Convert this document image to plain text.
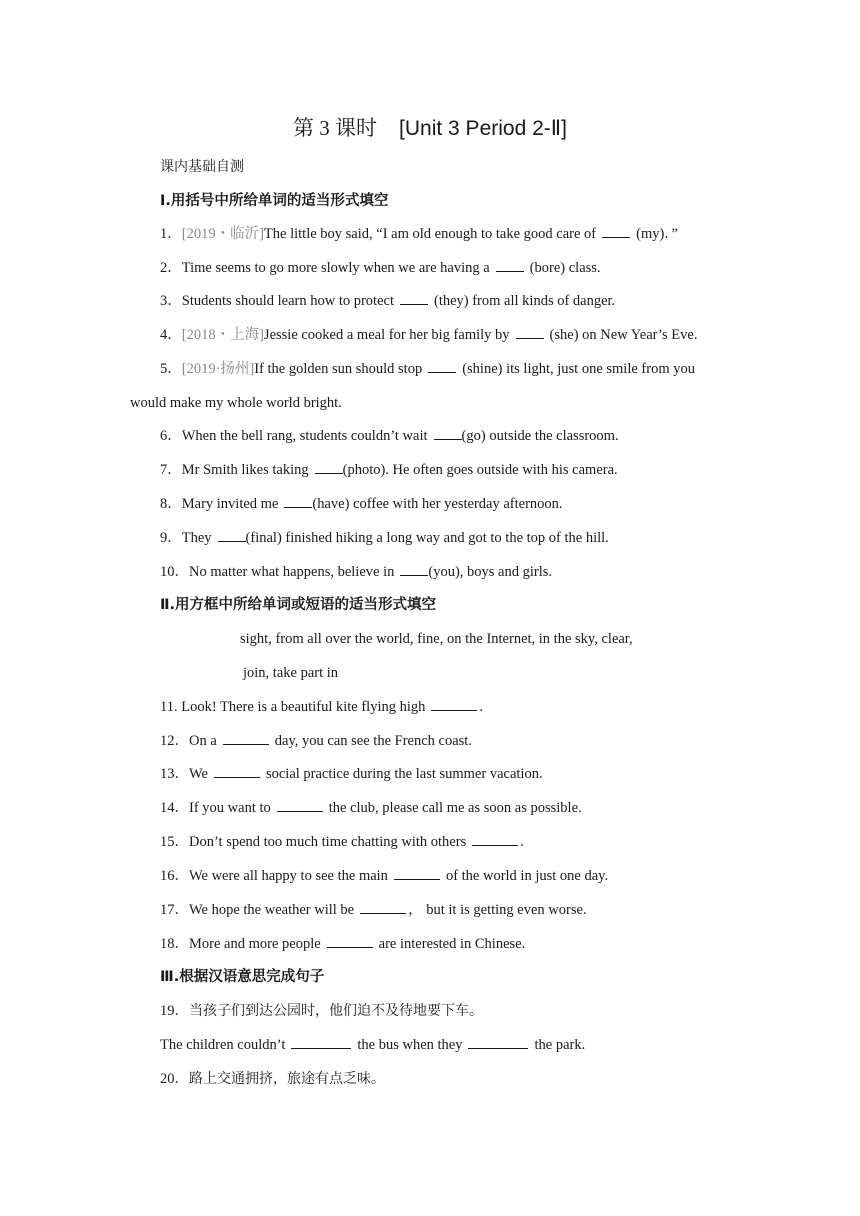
第 3 课时 [Unit 3 Period 2-Ⅱ]
课内基础自测
Ⅰ.用括号中所给单词的适当形式填空
1．[2019・临沂]The little boy said, “I am old enough to take good care of	(my)．”
2．Time seems to go more slowly when we are having a	(bore) class.
3．Students should learn how to protect	(they) from all kinds of danger.
4．[2018・上海]Jessie cooked a meal for her big family by	(she) on New Year’s Eve.
5．[2019·扬州]If the golden sun should stop	(shine) its light, just one smile from you
would make my whole world bright.
6．When the bell rang, students couldn’t wait (go) outside the classroom.
7．Mr Smith likes taking (photo). He often goes outside with his camera.
8．Mary invited me (have) coffee with her yesterday afternoon.
9．They (final) finished hiking a long way and got to the top of the hill.
10．No matter what happens, believe in (you), boys and girls.
Ⅱ.用方框中所给单词或短语的适当形式填空
sight, from all over the world, fine, on the Internet, in the sky, clear,
join, take part in
11. Look! There is a beautiful kite flying high	.
12．On a	day, you can see the French coast.
13．We	social practice during the last summer vacation.
14．If you want to	the club, please call me as soon as possible.
15．Don’t spend too much time chatting with others	.
16．We were all happy to see the main	of the world in just one day.
17．We hope the weather will be	， but it is getting even worse.
18．More and more people	are interested in Chinese.
Ⅲ.根据汉语意思完成句子
19．当孩子们到达公园时，他们迫不及待地要下车。
The children couldn’t	the bus when they	the park.
20．路上交通拥挤，旅途有点乏味。
